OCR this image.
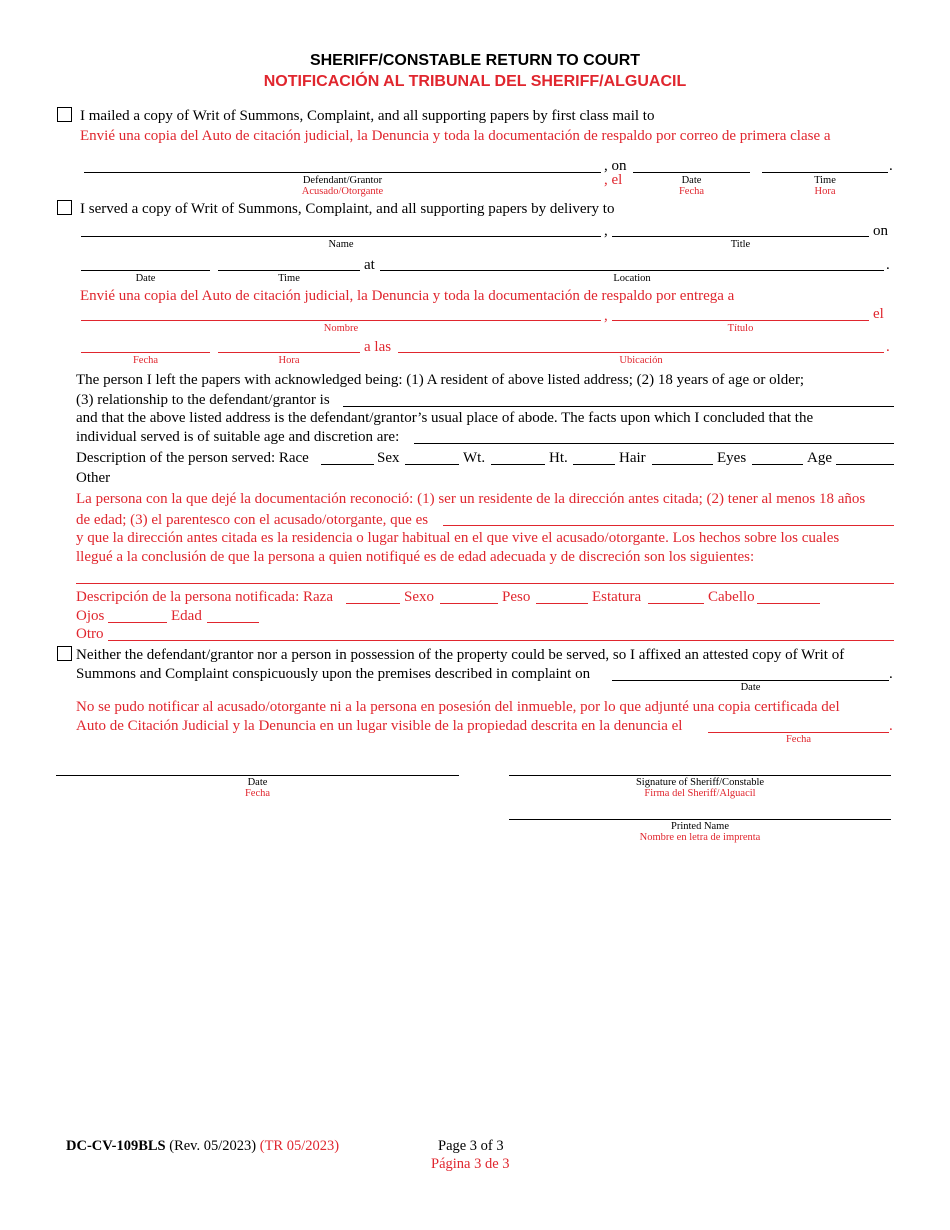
SHERIFF/CONSTABLE RETURN TO COURT
NOTIFICACIÓN AL TRIBUNAL DEL SHERIFF/ALGUACIL
I mailed a copy of Writ of Summons, Complaint, and all supporting papers by first class mail to
Envié una copia del Auto de citación judicial, la Denuncia y toda la documentación de respaldo por correo de primera clase a
, on
, el
.
Defendant/Grantor
Acusado/Otorgante
Date
Fecha
Time
Hora
I served a copy of Writ of Summons, Complaint, and all supporting papers by delivery to
,	on
Name	Title
at	.
Date	Time	Location
Envié una copia del Auto de citación judicial, la Denuncia y toda la documentación de respaldo por entrega a
,	el
Nombre	Título
a las	.
Fecha	Hora	Ubicación
The person I left the papers with acknowledged being: (1) A resident of above listed address; (2) 18 years of age or older;
(3) relationship to the defendant/grantor is
and that the above listed address is the defendant/grantor’s usual place of abode. The facts upon which I concluded that the
individual served is of suitable age and discretion are:
Description of the person served: Race	Sex	Wt.	Ht.	Hair	Eyes	Age
Other
La persona con la que dejé la documentación reconoció: (1) ser un residente de la dirección antes citada; (2) tener al menos 18 años
de edad; (3) el parentesco con el acusado/otorgante, que es
y que la dirección antes citada es la residencia o lugar habitual en el que vive el acusado/otorgante. Los hechos sobre los cuales
llegué a la conclusión de que la persona a quien notifiqué es de edad adecuada y de discreción son los siguientes:
Descripción de la persona notificada: Raza	Sexo	Peso	Estatura	Cabello
Ojos	Edad
Otro
Neither the defendant/grantor nor a person in possession of the property could be served, so I affixed an attested copy of Writ of
Summons and Complaint conspicuously upon the premises described in complaint on	.
Date
No se pudo notificar al acusado/otorgante ni a la persona en posesión del inmueble, por lo que adjunté una copia certificada del
Auto de Citación Judicial y la Denuncia en un lugar visible de la propiedad descrita en la denuncia el	.
Fecha
Date
Fecha
Signature of Sheriff/Constable
Firma del Sheriff/Alguacil
Printed Name
Nombre en letra de imprenta
DC-CV-109BLS (Rev. 05/2023) (TR 05/2023)	Page 3 of 3
Página 3 de 3
